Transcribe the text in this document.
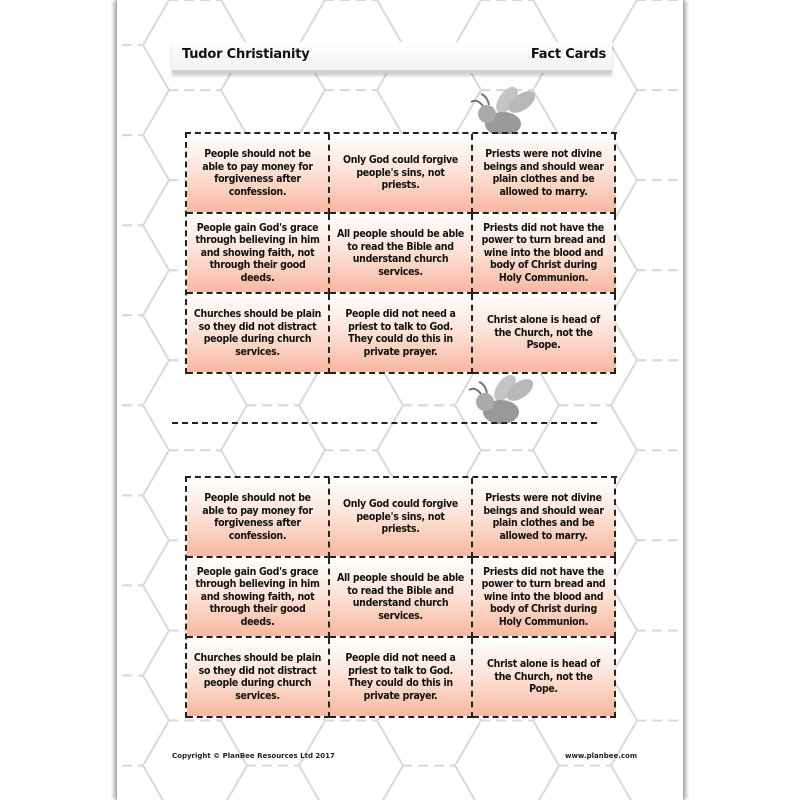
Tudor Christianity	Fact Cards
People should not be able to pay money for forgiveness after confession.
Only God could forgive people's sins, not priests.
Priests were not divine beings and should wear plain clothes and be allowed to marry.
People gain God's grace through believing in him and showing faith, not through their good deeds.
All people should be able to read the Bible and understand church services.
Priests did not have the power to turn bread and wine into the blood and body of Christ during Holy Communion.
Churches should be plain so they did not distract people during church services.
People did not need a priest to talk to God. They could do this in private prayer.
Christ alone is head of the Church, not the Psope.
People should not be able to pay money for forgiveness after confession.
Only God could forgive people's sins, not priests.
Priests were not divine beings and should wear plain clothes and be allowed to marry.
People gain God's grace through believing in him and showing faith, not through their good deeds.
All people should be able to read the Bible and understand church services.
Priests did not have the power to turn bread and wine into the blood and body of Christ during Holy Communion.
Churches should be plain so they did not distract people during church services.
People did not need a priest to talk to God. They could do this in private prayer.
Christ alone is head of the Church, not the Pope.
Copyright © PlanBee Resources Ltd 2017	www.planbee.com
